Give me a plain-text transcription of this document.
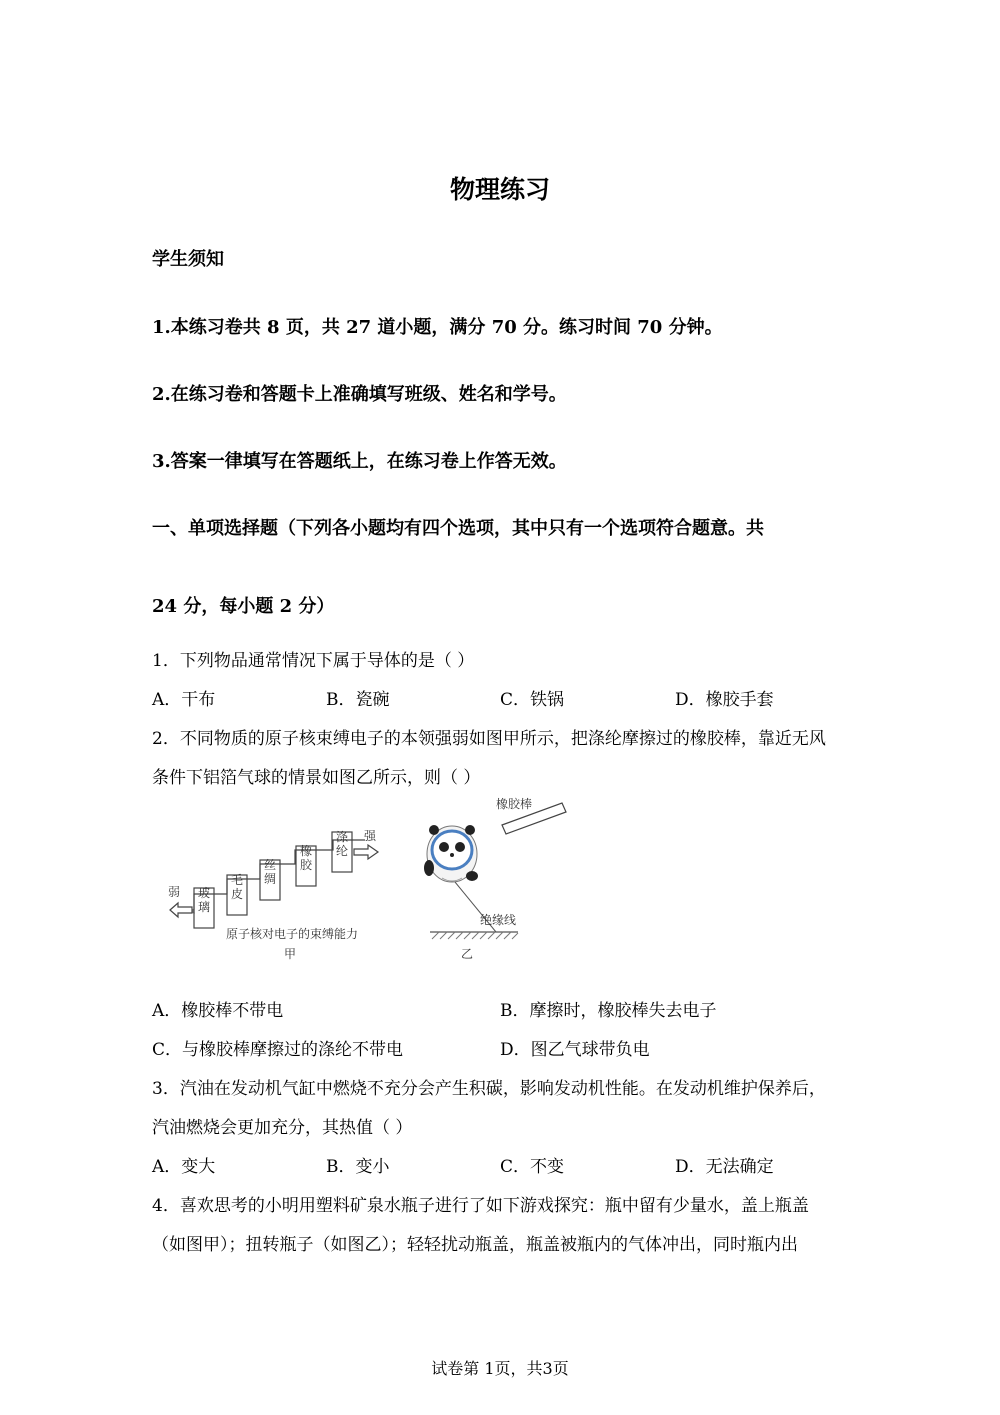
物理练习
学生须知
1.本练习卷共 8 页，共 27 道小题，满分 70 分。练习时间 70 分钟。
2.在练习卷和答题卡上准确填写班级、姓名和学号。
3.答案一律填写在答题纸上，在练习卷上作答无效。
一、单项选择题（下列各小题均有四个选项，其中只有一个选项符合题意。共
24 分，每小题 2 分）
1．下列物品通常情况下属于导体的是（ ）
A．干布	B．瓷碗	C．铁锅	D．橡胶手套
2．不同物质的原子核束缚电子的本领强弱如图甲所示，把涤纶摩擦过的橡胶棒，靠近无风
条件下铝箔气球的情景如图乙所示，则（ ）
弱
强
玻璃
毛皮
丝绸
橡胶
涤纶
原子核对电子的束缚能力
甲
橡胶棒
绝缘线
乙
A．橡胶棒不带电	B．摩擦时，橡胶棒失去电子
C．与橡胶棒摩擦过的涤纶不带电	D．图乙气球带负电
3．汽油在发动机气缸中燃烧不充分会产生积碳，影响发动机性能。在发动机维护保养后，
汽油燃烧会更加充分，其热值（ ）
A．变大	B．变小	C．不变	D．无法确定
4．喜欢思考的小明用塑料矿泉水瓶子进行了如下游戏探究：瓶中留有少量水，盖上瓶盖
（如图甲）；扭转瓶子（如图乙）；轻轻扰动瓶盖，瓶盖被瓶内的气体冲出，同时瓶内出
试卷第 1页，共3页
